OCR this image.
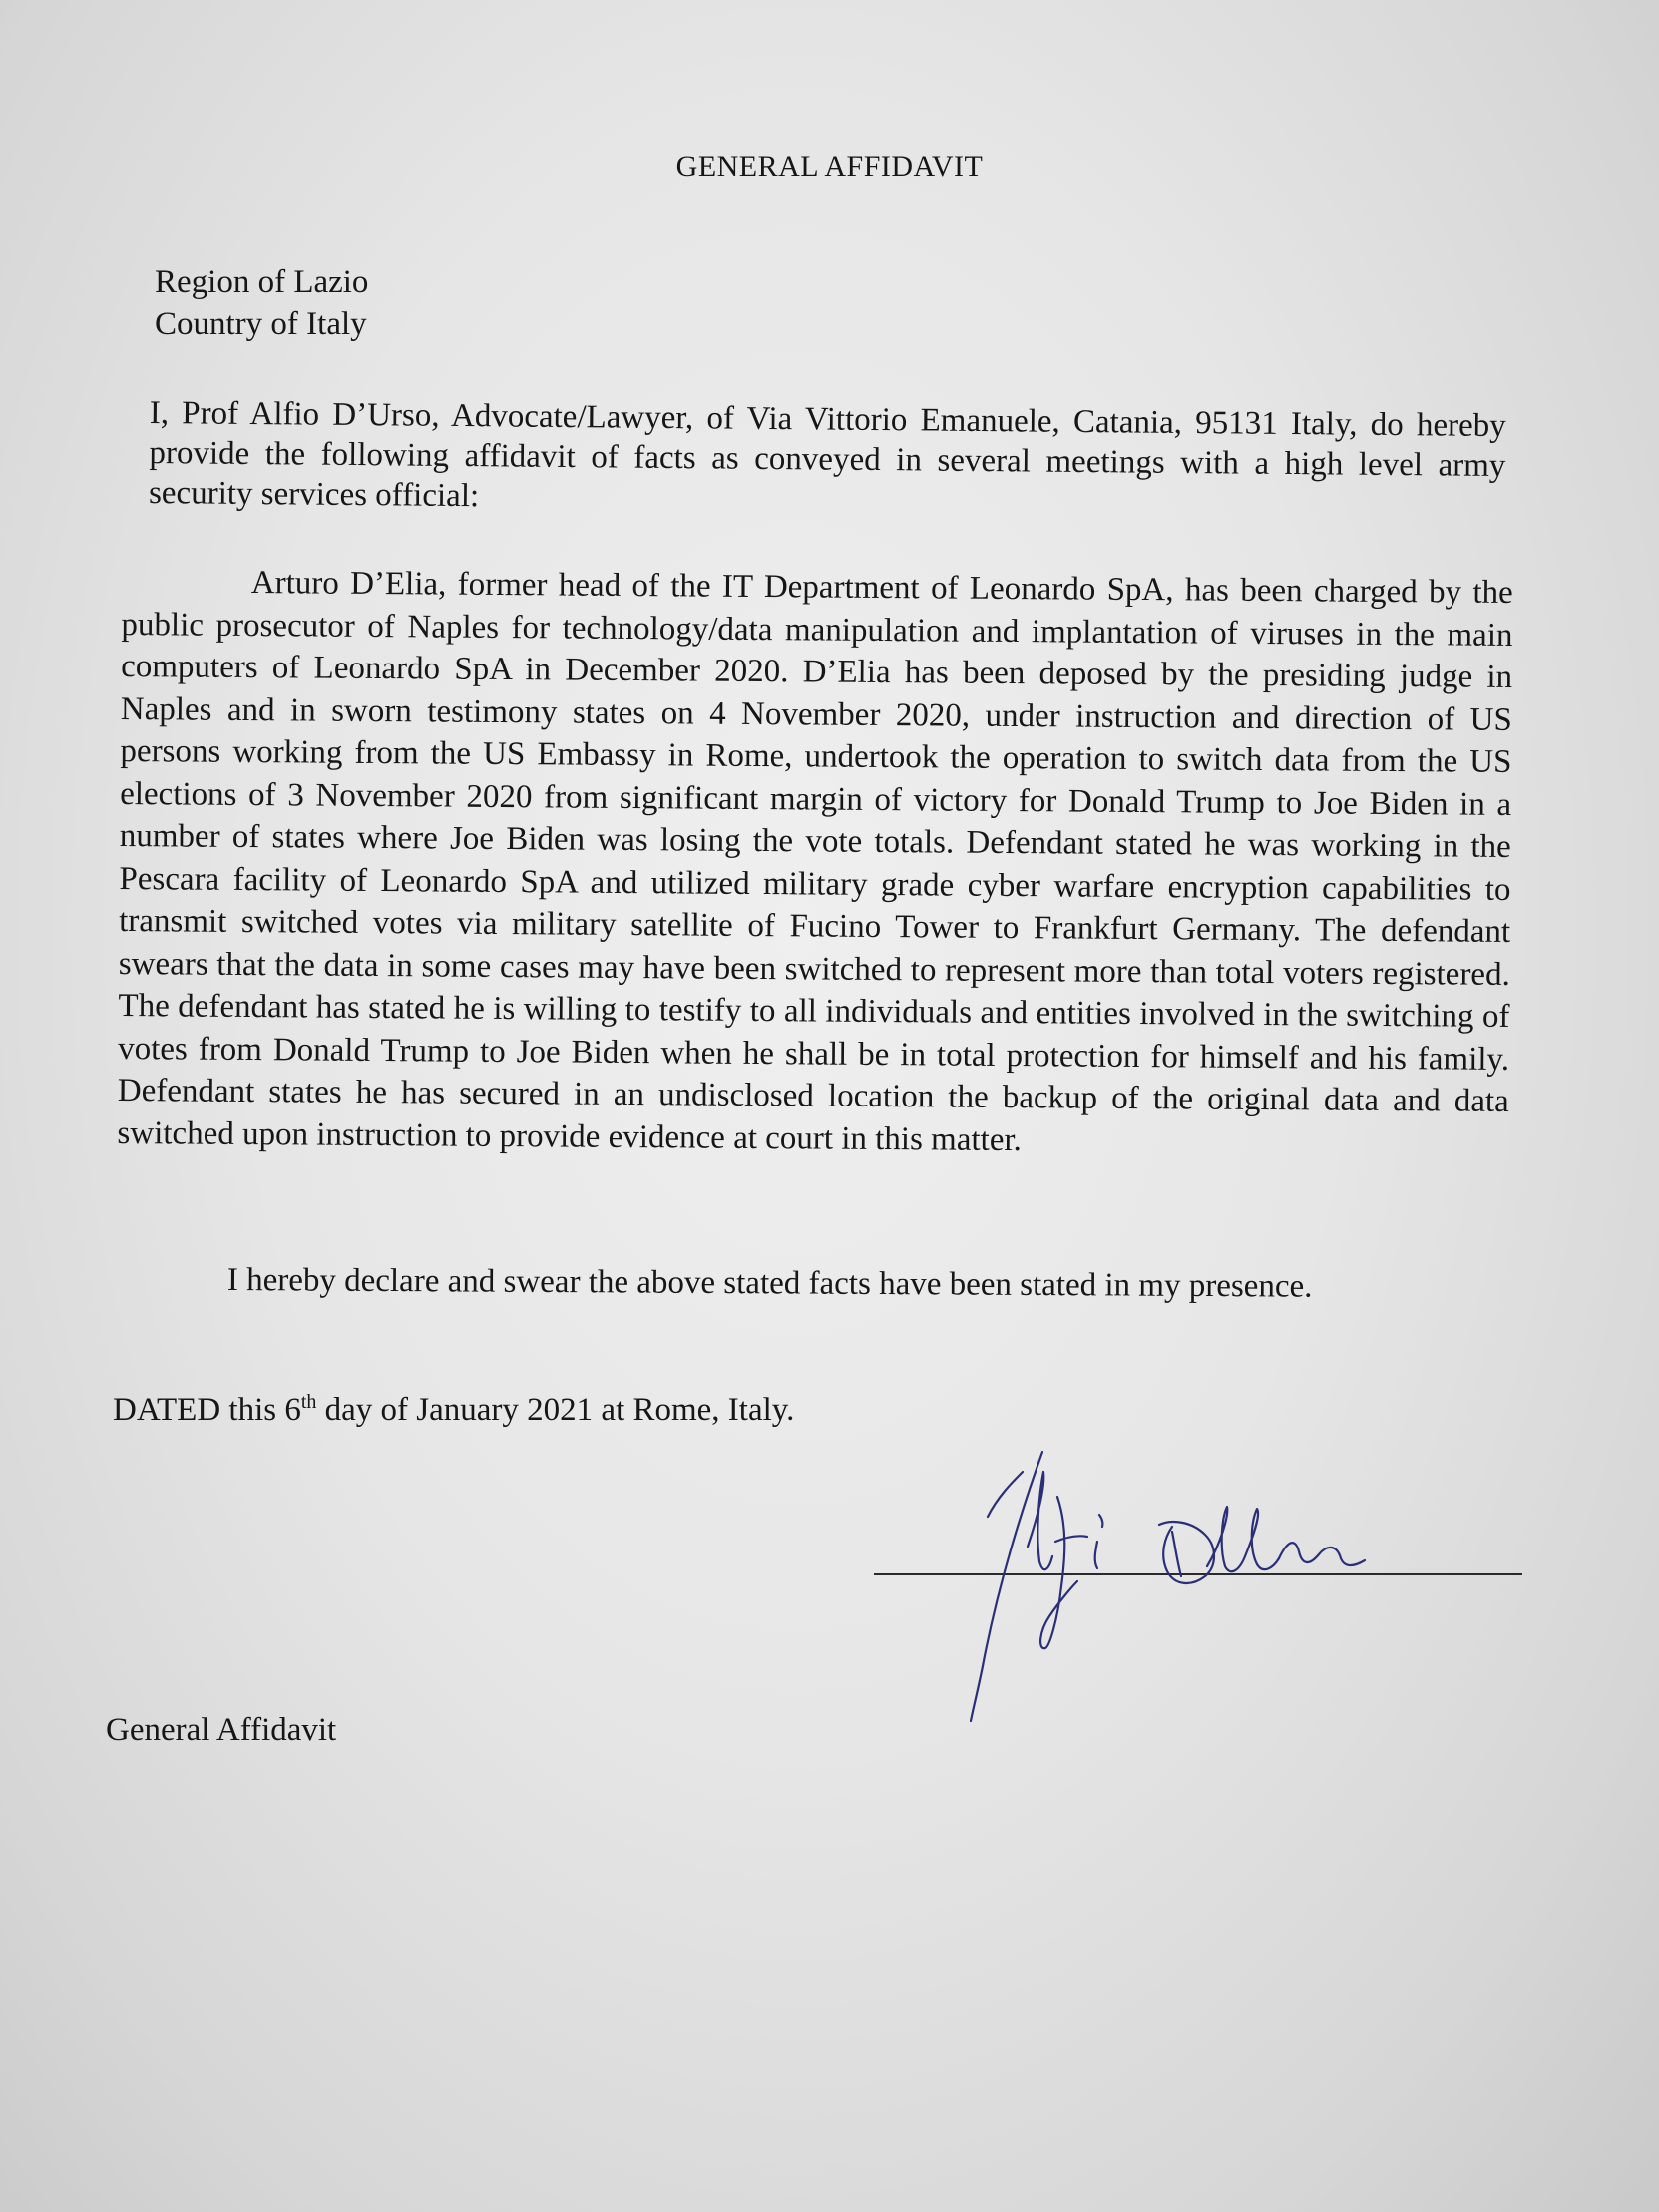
GENERAL AFFIDAVIT
Region of Lazio
Country of Italy

I, Prof Alfio D’Urso, Advocate/Lawyer, of Via Vittorio Emanuele, Catania, 95131 Italy, do hereby provide the following affidavit of facts as conveyed in several meetings with a high level army security services official:

Arturo D’Elia, former head of the IT Department of Leonardo SpA, has been charged by the public prosecutor of Naples for technology/data manipulation and implantation of viruses in the main computers of Leonardo SpA in December 2020. D’Elia has been deposed by the presiding judge in Naples and in sworn testimony states on 4 November 2020, under instruction and direction of US persons working from the US Embassy in Rome, undertook the operation to switch data from the US elections of 3 November 2020 from significant margin of victory for Donald Trump to Joe Biden in a number of states where Joe Biden was losing the vote totals. Defendant stated he was working in the Pescara facility of Leonardo SpA and utilized military grade cyber warfare encryption capabilities to transmit switched votes via military satellite of Fucino Tower to Frankfurt Germany. The defendant swears that the data in some cases may have been switched to represent more than total voters registered. The defendant has stated he is willing to testify to all individuals and entities involved in the switching of votes from Donald Trump to Joe Biden when he shall be in total protection for himself and his family. Defendant states he has secured in an undisclosed location the backup of the original data and data switched upon instruction to provide evidence at court in this matter.

I hereby declare and swear the above stated facts have been stated in my presence.

DATED this 6th day of January 2021 at Rome, Italy.

General Affidavit
